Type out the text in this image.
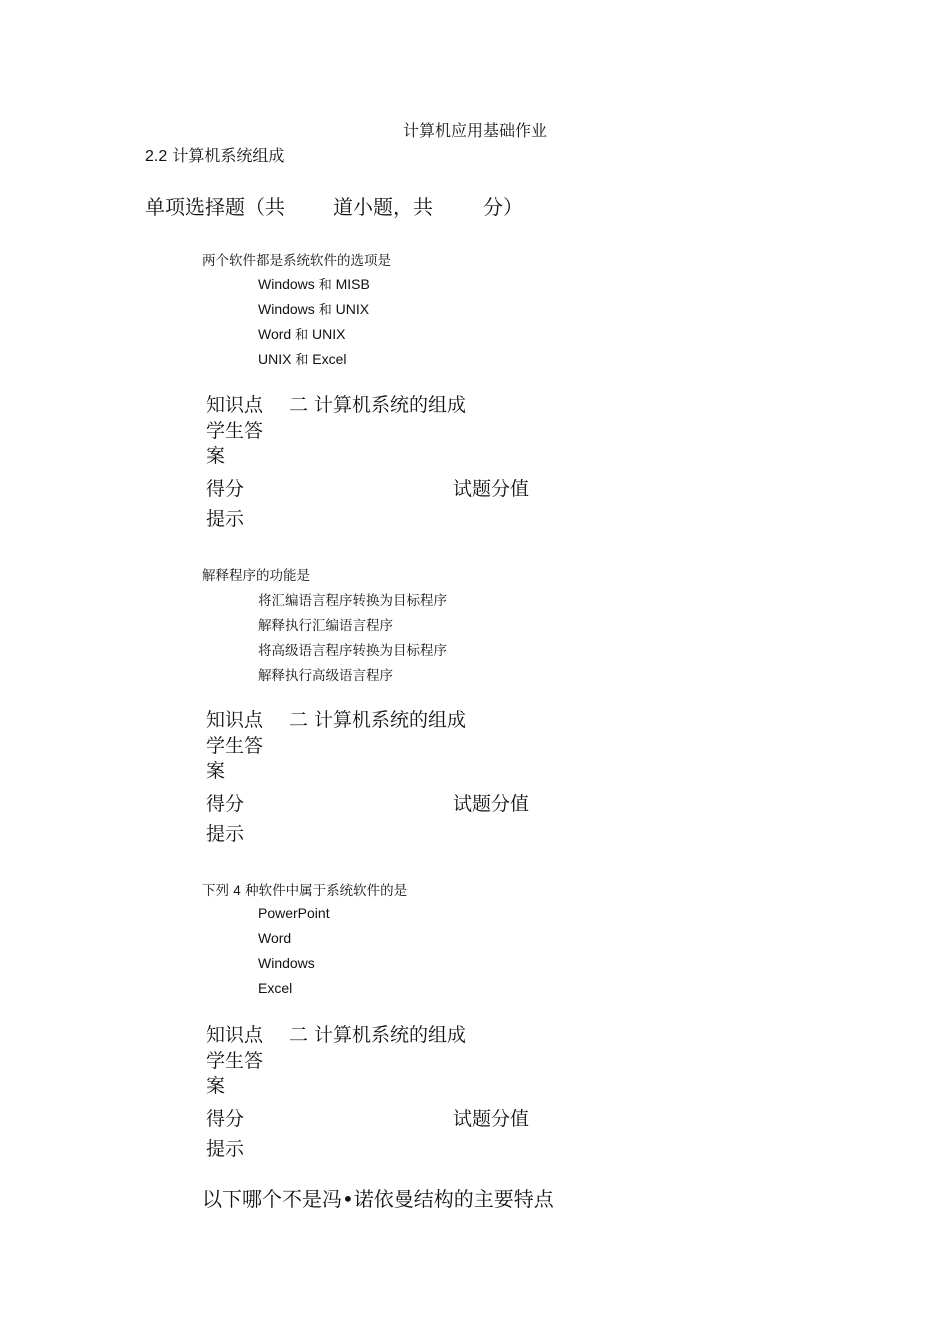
计算机应用基础作业
2.2 计算机系统组成
单项选择题（共 道小题，共	分）
两个软件都是系统软件的选项是
Windows 和 MISB
Windows 和 UNIX
Word 和 UNIX
UNIX 和 Excel
知识点 二 计算机系统的组成
学生答案
得分	试题分值
提示
解释程序的功能是
将汇编语言程序转换为目标程序
解释执行汇编语言程序
将高级语言程序转换为目标程序
解释执行高级语言程序
知识点 二 计算机系统的组成
学生答案
得分	试题分值
提示
下列 4 种软件中属于系统软件的是
PowerPoint
Word
Windows
Excel
知识点 二 计算机系统的组成
学生答案
得分	试题分值
提示
以下哪个不是冯•诺依曼结构的主要特点
